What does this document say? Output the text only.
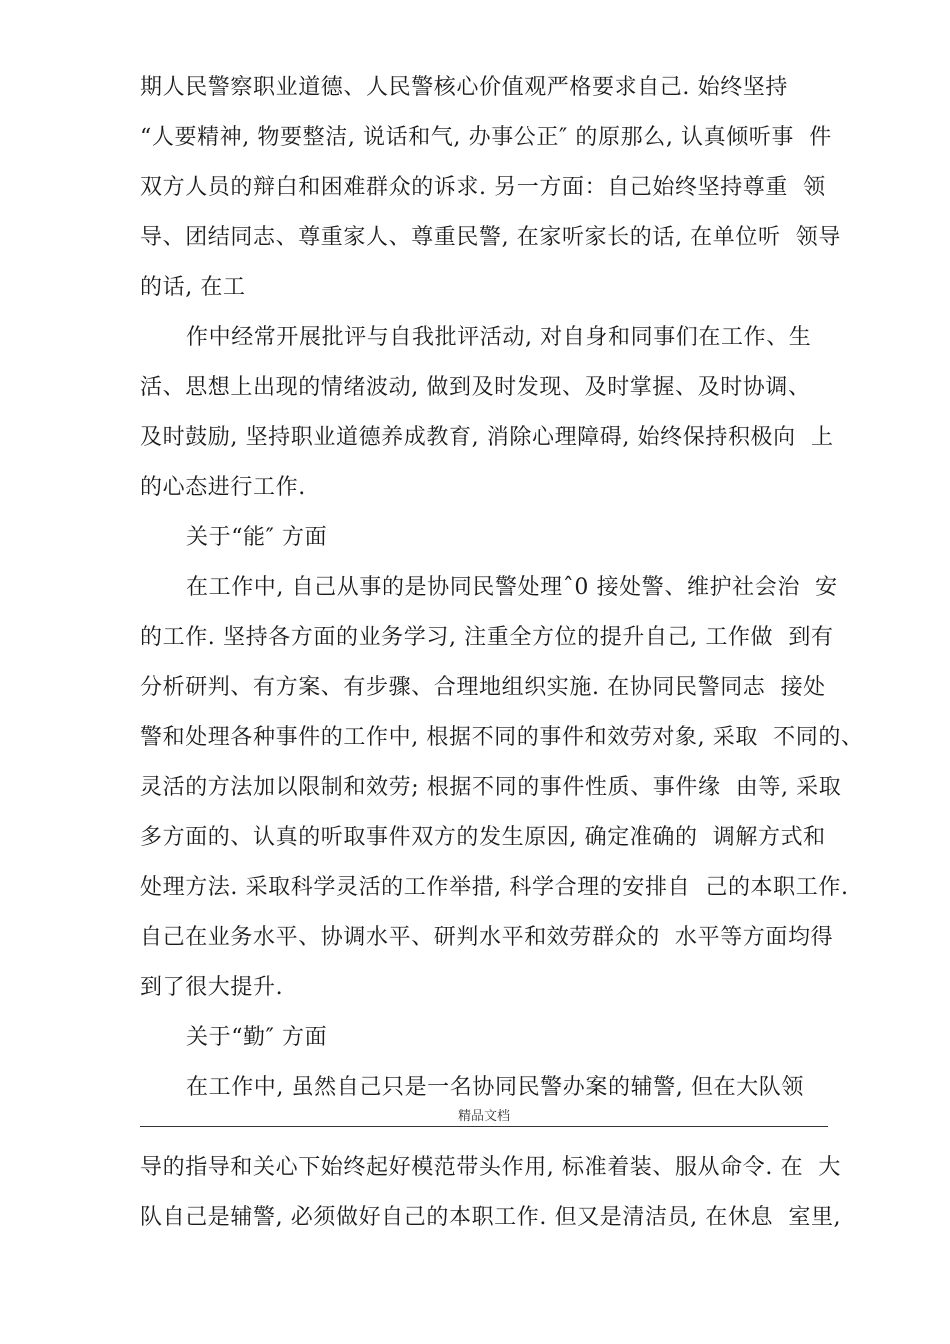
期人民警察职业道德、人民警核心价值观严格要求自己. 始终坚持
“人要精神, 物要整洁, 说话和气, 办事公正″ 的原那么, 认真倾听事  件
双方人员的辩白和困难群众的诉求. 另一方面：自己始终坚持尊重  领
导、团结同志、尊重家人、尊重民警, 在家听家长的话, 在单位听  领导
的话, 在工
作中经常开展批评与自我批评活动, 对自身和同事们在工作、生
活、思想上出现的情绪波动, 做到及时发现、及时掌握、及时协调、
及时鼓励, 坚持职业道德养成教育, 消除心理障碍, 始终保持积极向  上
的心态进行工作.
关于“能″ 方面
在工作中, 自己从事的是协同民警处理ˆ0 接处警、维护社会治  安
的工作. 坚持各方面的业务学习, 注重全方位的提升自己, 工作做  到有
分析研判、有方案、有步骤、合理地组织实施. 在协同民警同志  接处
警和处理各种事件的工作中, 根据不同的事件和效劳对象, 采取  不同的、
灵活的方法加以限制和效劳; 根据不同的事件性质、事件缘  由等, 采取
多方面的、认真的听取事件双方的发生原因, 确定准确的  调解方式和
处理方法. 采取科学灵活的工作举措, 科学合理的安排自  己的本职工作.
自己在业务水平、协调水平、研判水平和效劳群众的  水平等方面均得
到了很大提升.
关于“勤″ 方面
在工作中, 虽然自己只是一名协同民警办案的辅警, 但在大队领
精品文档
导的指导和关心下始终起好模范带头作用, 标准着装、服从命令. 在  大
队自己是辅警, 必须做好自己的本职工作. 但又是清洁员, 在休息  室里,
